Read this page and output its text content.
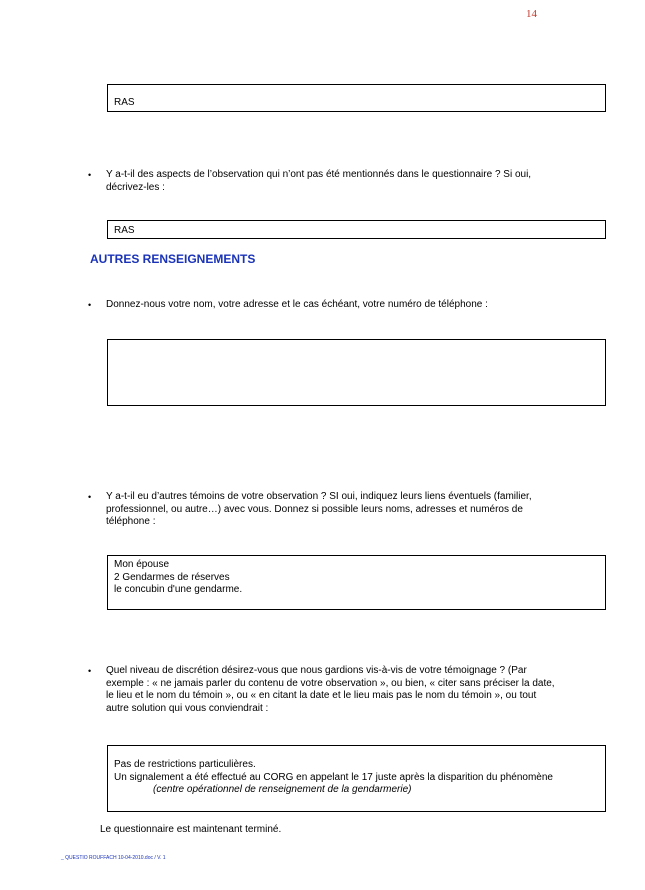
14
RAS
• Y a-t-il des aspects de l’observation qui n’ont pas été mentionnés dans le questionnaire ? Si oui,
décrivez-les :
RAS
AUTRES RENSEIGNEMENTS
• Donnez-nous votre nom, votre adresse et le cas échéant, votre numéro de téléphone :
• Y a-t-il eu d’autres témoins de votre observation ? SI oui, indiquez leurs liens éventuels (familier,
professionnel, ou autre…) avec vous. Donnez si possible leurs noms, adresses et numéros de
téléphone :
Mon épouse
2 Gendarmes de réserves
le concubin d'une gendarme.
• Quel niveau de discrétion désirez-vous que nous gardions vis-à-vis de votre témoignage ? (Par
exemple : « ne jamais parler du contenu de votre observation », ou bien, « citer sans préciser la date,
le lieu et le nom du témoin », ou « en citant la date et le lieu mais pas le nom du témoin », ou tout
autre solution qui vous conviendrait :
Pas de restrictions particulières.
Un signalement a été effectué au CORG en appelant le 17 juste après la disparition du phénomène
(centre opérationnel de renseignement de la gendarmerie)
Le questionnaire est maintenant terminé.
_ QUESTIO ROUFFACH 10-04-2010.doc / V. 1
